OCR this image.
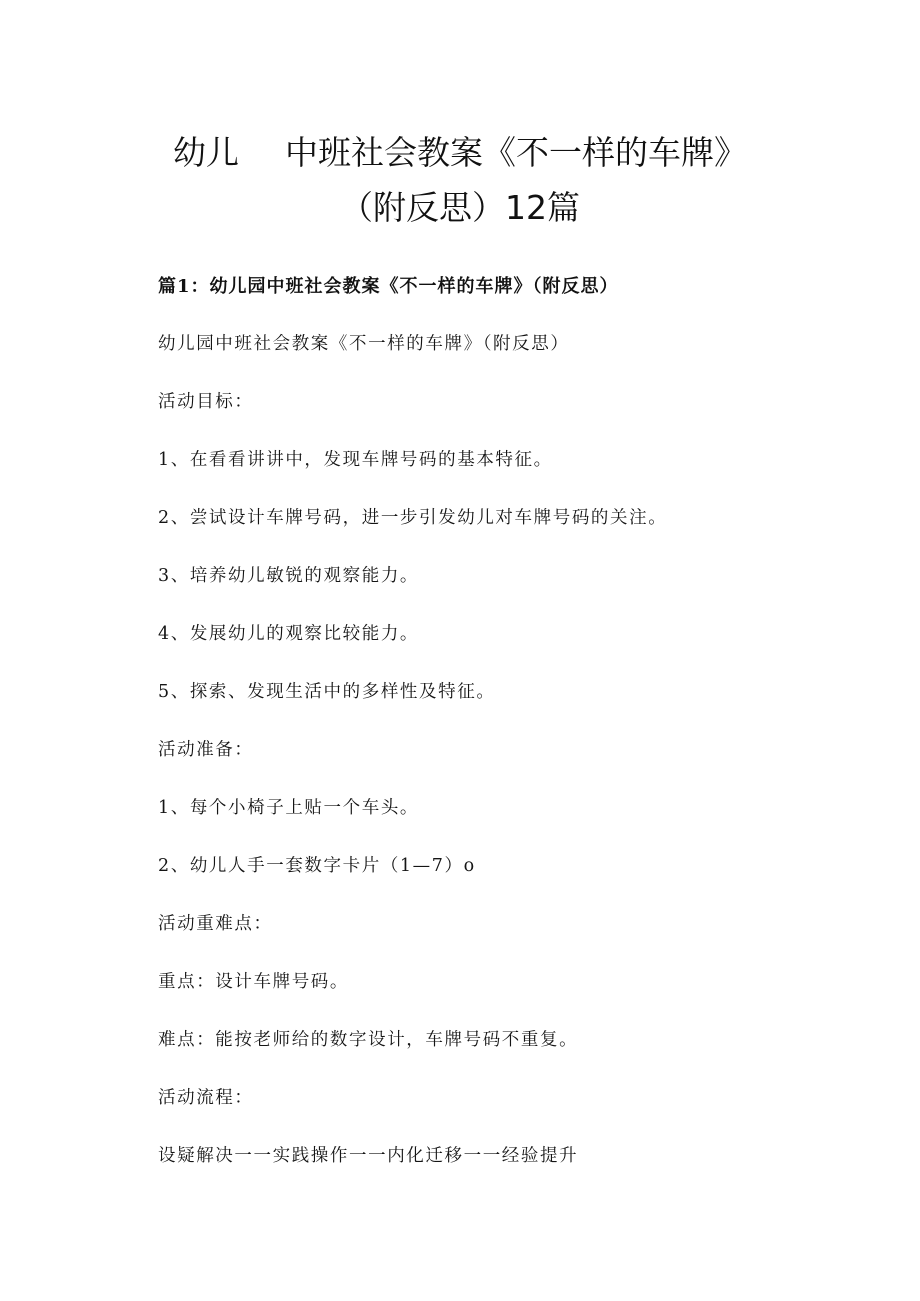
幼儿 中班社会教案《不一样的车牌》
（附反思）12篇
篇1：幼儿园中班社会教案《不一样的车牌》（附反思）
幼儿园中班社会教案《不一样的车牌》（附反思）
活动目标：
1、在看看讲讲中，发现车牌号码的基本特征。
2、尝试设计车牌号码，进一步引发幼儿对车牌号码的关注。
3、培养幼儿敏锐的观察能力。
4、发展幼儿的观察比较能力。
5、探索、发现生活中的多样性及特征。
活动准备：
1、每个小椅子上贴一个车头。
2、幼儿人手一套数字卡片（1—7）o
活动重难点：
重点：设计车牌号码。
难点：能按老师给的数字设计，车牌号码不重复。
活动流程：
设疑解决一一实践操作一一内化迁移一一经验提升
